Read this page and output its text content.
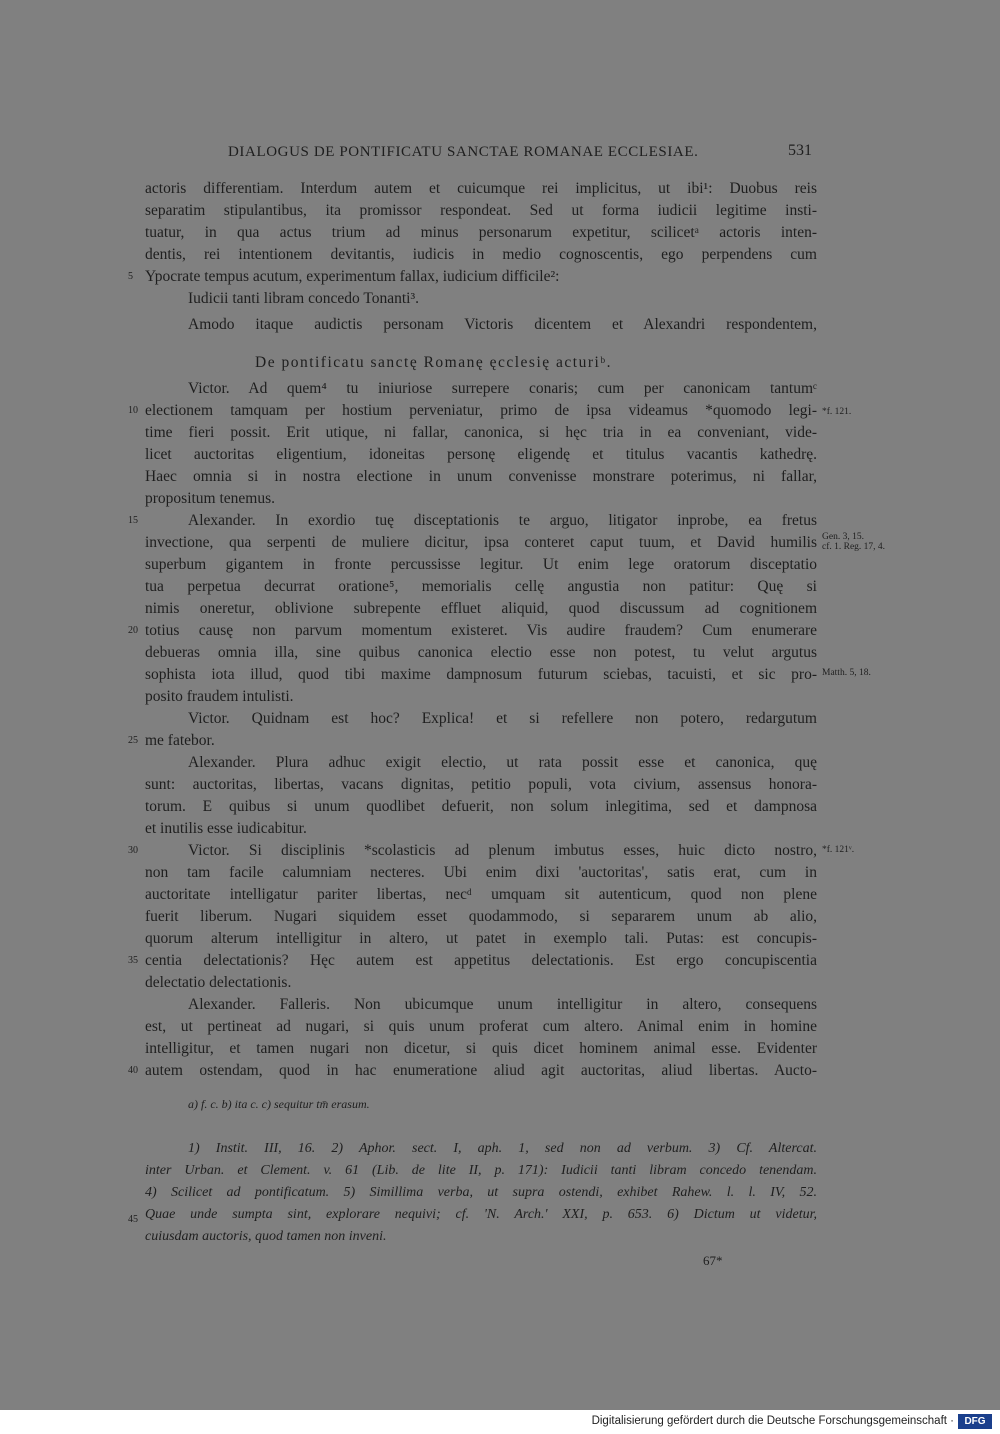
DIALOGUS DE PONTIFICATU SANCTAE ROMANAE ECCLESIAE.	531
actoris differentiam. Interdum autem et cuicumque rei implicitus, ut ibi¹: Duobus reis
separatim stipulantibus, ita promissor respondeat. Sed ut forma iudicii legitime insti-
tuatur, in qua actus trium ad minus personarum expetitur, scilicetᵃ actoris inten-
dentis, rei intentionem devitantis, iudicis in medio cognoscentis, ego perpendens cum
Ypocrate tempus acutum, experimentum fallax, iudicium difficile²:
Iudicii tanti libram concedo Tonanti³.
Amodo itaque audictis personam Victoris dicentem et Alexandri respondentem,
De pontificatu sanctę Romanę ęcclesię acturiᵇ.
Victor. Ad quem⁴ tu iniuriose surrepere conaris; cum per canonicam tantumᶜ
electionem tamquam per hostium perveniatur, primo de ipsa videamus *quomodo legi-
time fieri possit. Erit utique, ni fallar, canonica, si hęc tria in ea conveniant, vide-
licet auctoritas eligentium, idoneitas personę eligendę et titulus vacantis kathedrę.
Haec omnia si in nostra electione in unum convenisse monstrare poterimus, ni fallar,
propositum tenemus.
Alexander. In exordio tuę disceptationis te arguo, litigator inprobe, ea fretus
invectione, qua serpenti de muliere dicitur, ipsa conteret caput tuum, et David humilis
superbum gigantem in fronte percussisse legitur. Ut enim lege oratorum disceptatio
tua perpetua decurrat oratione⁵, memorialis cellę angustia non patitur: Quę si
nimis oneretur, oblivione subrepente effluet aliquid, quod discussum ad cognitionem
totius causę non parvum momentum existeret. Vis audire fraudem? Cum enumerare
debueras omnia illa, sine quibus canonica electio esse non potest, tu velut argutus
sophista iota illud, quod tibi maxime dampnosum futurum sciebas, tacuisti, et sic pro-
posito fraudem intulisti.
Victor. Quidnam est hoc? Explica! et si refellere non potero, redargutum
me fatebor.
Alexander. Plura adhuc exigit electio, ut rata possit esse et canonica, quę
sunt: auctoritas, libertas, vacans dignitas, petitio populi, vota civium, assensus honora-
torum. E quibus si unum quodlibet defuerit, non solum inlegitima, sed et dampnosa
et inutilis esse iudicabitur.
Victor. Si disciplinis *scolasticis ad plenum imbutus esses, huic dicto nostro,
non tam facile calumniam necteres. Ubi enim dixi 'auctoritas', satis erat, cum in
auctoritate intelligatur pariter libertas, necᵈ umquam sit autenticum, quod non plene
fuerit liberum. Nugari siquidem esset quodammodo, si separarem unum ab alio,
quorum alterum intelligitur in altero, ut patet in exemplo tali. Putas: est concupis-
centia delectationis? Hęc autem est appetitus delectationis. Est ergo concupiscentia
delectatio delectationis.
Alexander. Falleris. Non ubicumque unum intelligitur in altero, consequens
est, ut pertineat ad nugari, si quis unum proferat cum altero. Animal enim in homine
intelligitur, et tamen nugari non dicetur, si quis dicet hominem animal esse. Evidenter
autem ostendam, quod in hac enumeratione aliud agit auctoritas, aliud libertas. Aucto-
5
10
15
20
25
30
35
40
45
*f. 121.
Gen. 3, 15.
cf. 1. Reg. 17, 4.
Matth. 5, 18.
*f. 121ᵛ.
a) f. c. b) ita c. c) sequitur tm̄ erasum.
1) Instit. III, 16. 2) Aphor. sect. I, aph. 1, sed non ad verbum. 3) Cf. Altercat.
inter Urban. et Clement. v. 61 (Lib. de lite II, p. 171): Iudicii tanti libram concedo tenendam.
4) Scilicet ad pontificatum. 5) Simillima verba, ut supra ostendi, exhibet Rahew. l. l. IV, 52.
Quae unde sumpta sint, explorare nequivi; cf. 'N. Arch.' XXI, p. 653. 6) Dictum ut videtur,
cuiusdam auctoris, quod tamen non inveni.
67*
Digitalisierung gefördert durch die Deutsche Forschungsgemeinschaft ·	DFG
